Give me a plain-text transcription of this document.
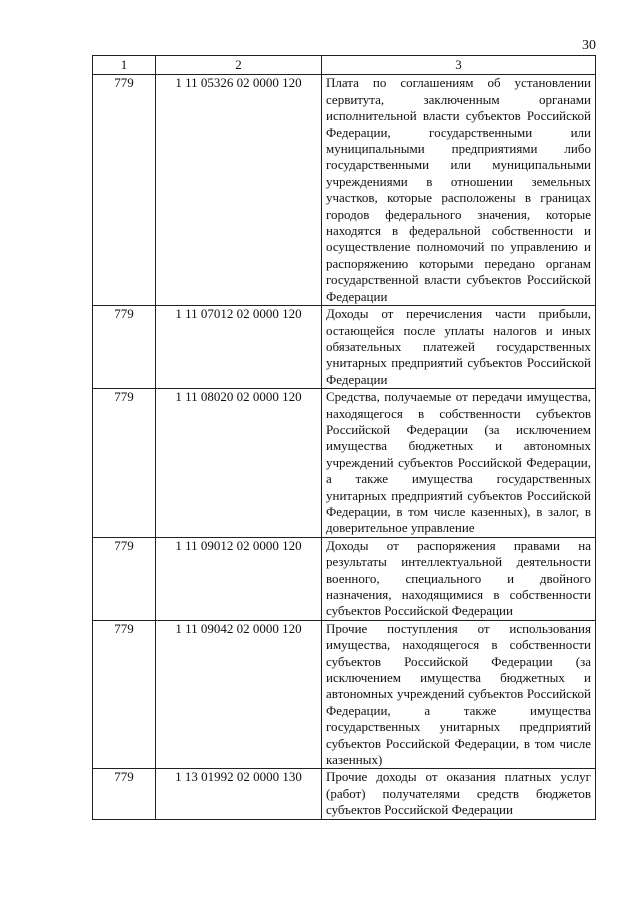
30
1	2	3
779	1 11 05326 02 0000 120	Плата по соглашениям об установлении сервитута, заключенным органами исполнительной власти субъектов Российской Федерации, государственными или муниципальными предприятиями либо государственными или муниципальными учреждениями в отношении земельных участков, которые расположены в границах городов федерального значения, которые находятся в федеральной собственности и осуществление полномочий по управлению и распоряжению которыми передано органам государственной власти субъектов Российской Федерации
779	1 11 07012 02 0000 120	Доходы от перечисления части прибыли, остающейся после уплаты налогов и иных обязательных платежей государственных унитарных предприятий субъектов Российской Федерации
779	1 11 08020 02 0000 120	Средства, получаемые от передачи имущества, находящегося в собственности субъектов Российской Федерации (за исключением имущества бюджетных и автономных учреждений субъектов Российской Федерации, а также имущества государственных унитарных предприятий субъектов Российской Федерации, в том числе казенных), в залог, в доверительное управление
779	1 11 09012 02 0000 120	Доходы от распоряжения правами на результаты интеллектуальной деятельности военного, специального и двойного назначения, находящимися в собственности субъектов Российской Федерации
779	1 11 09042 02 0000 120	Прочие поступления от использования имущества, находящегося в собственности субъектов Российской Федерации (за исключением имущества бюджетных и автономных учреждений субъектов Российской Федерации, а также имущества государственных унитарных предприятий субъектов Российской Федерации, в том числе казенных)
779	1 13 01992 02 0000 130	Прочие доходы от оказания платных услуг (работ) получателями средств бюджетов субъектов Российской Федерации
